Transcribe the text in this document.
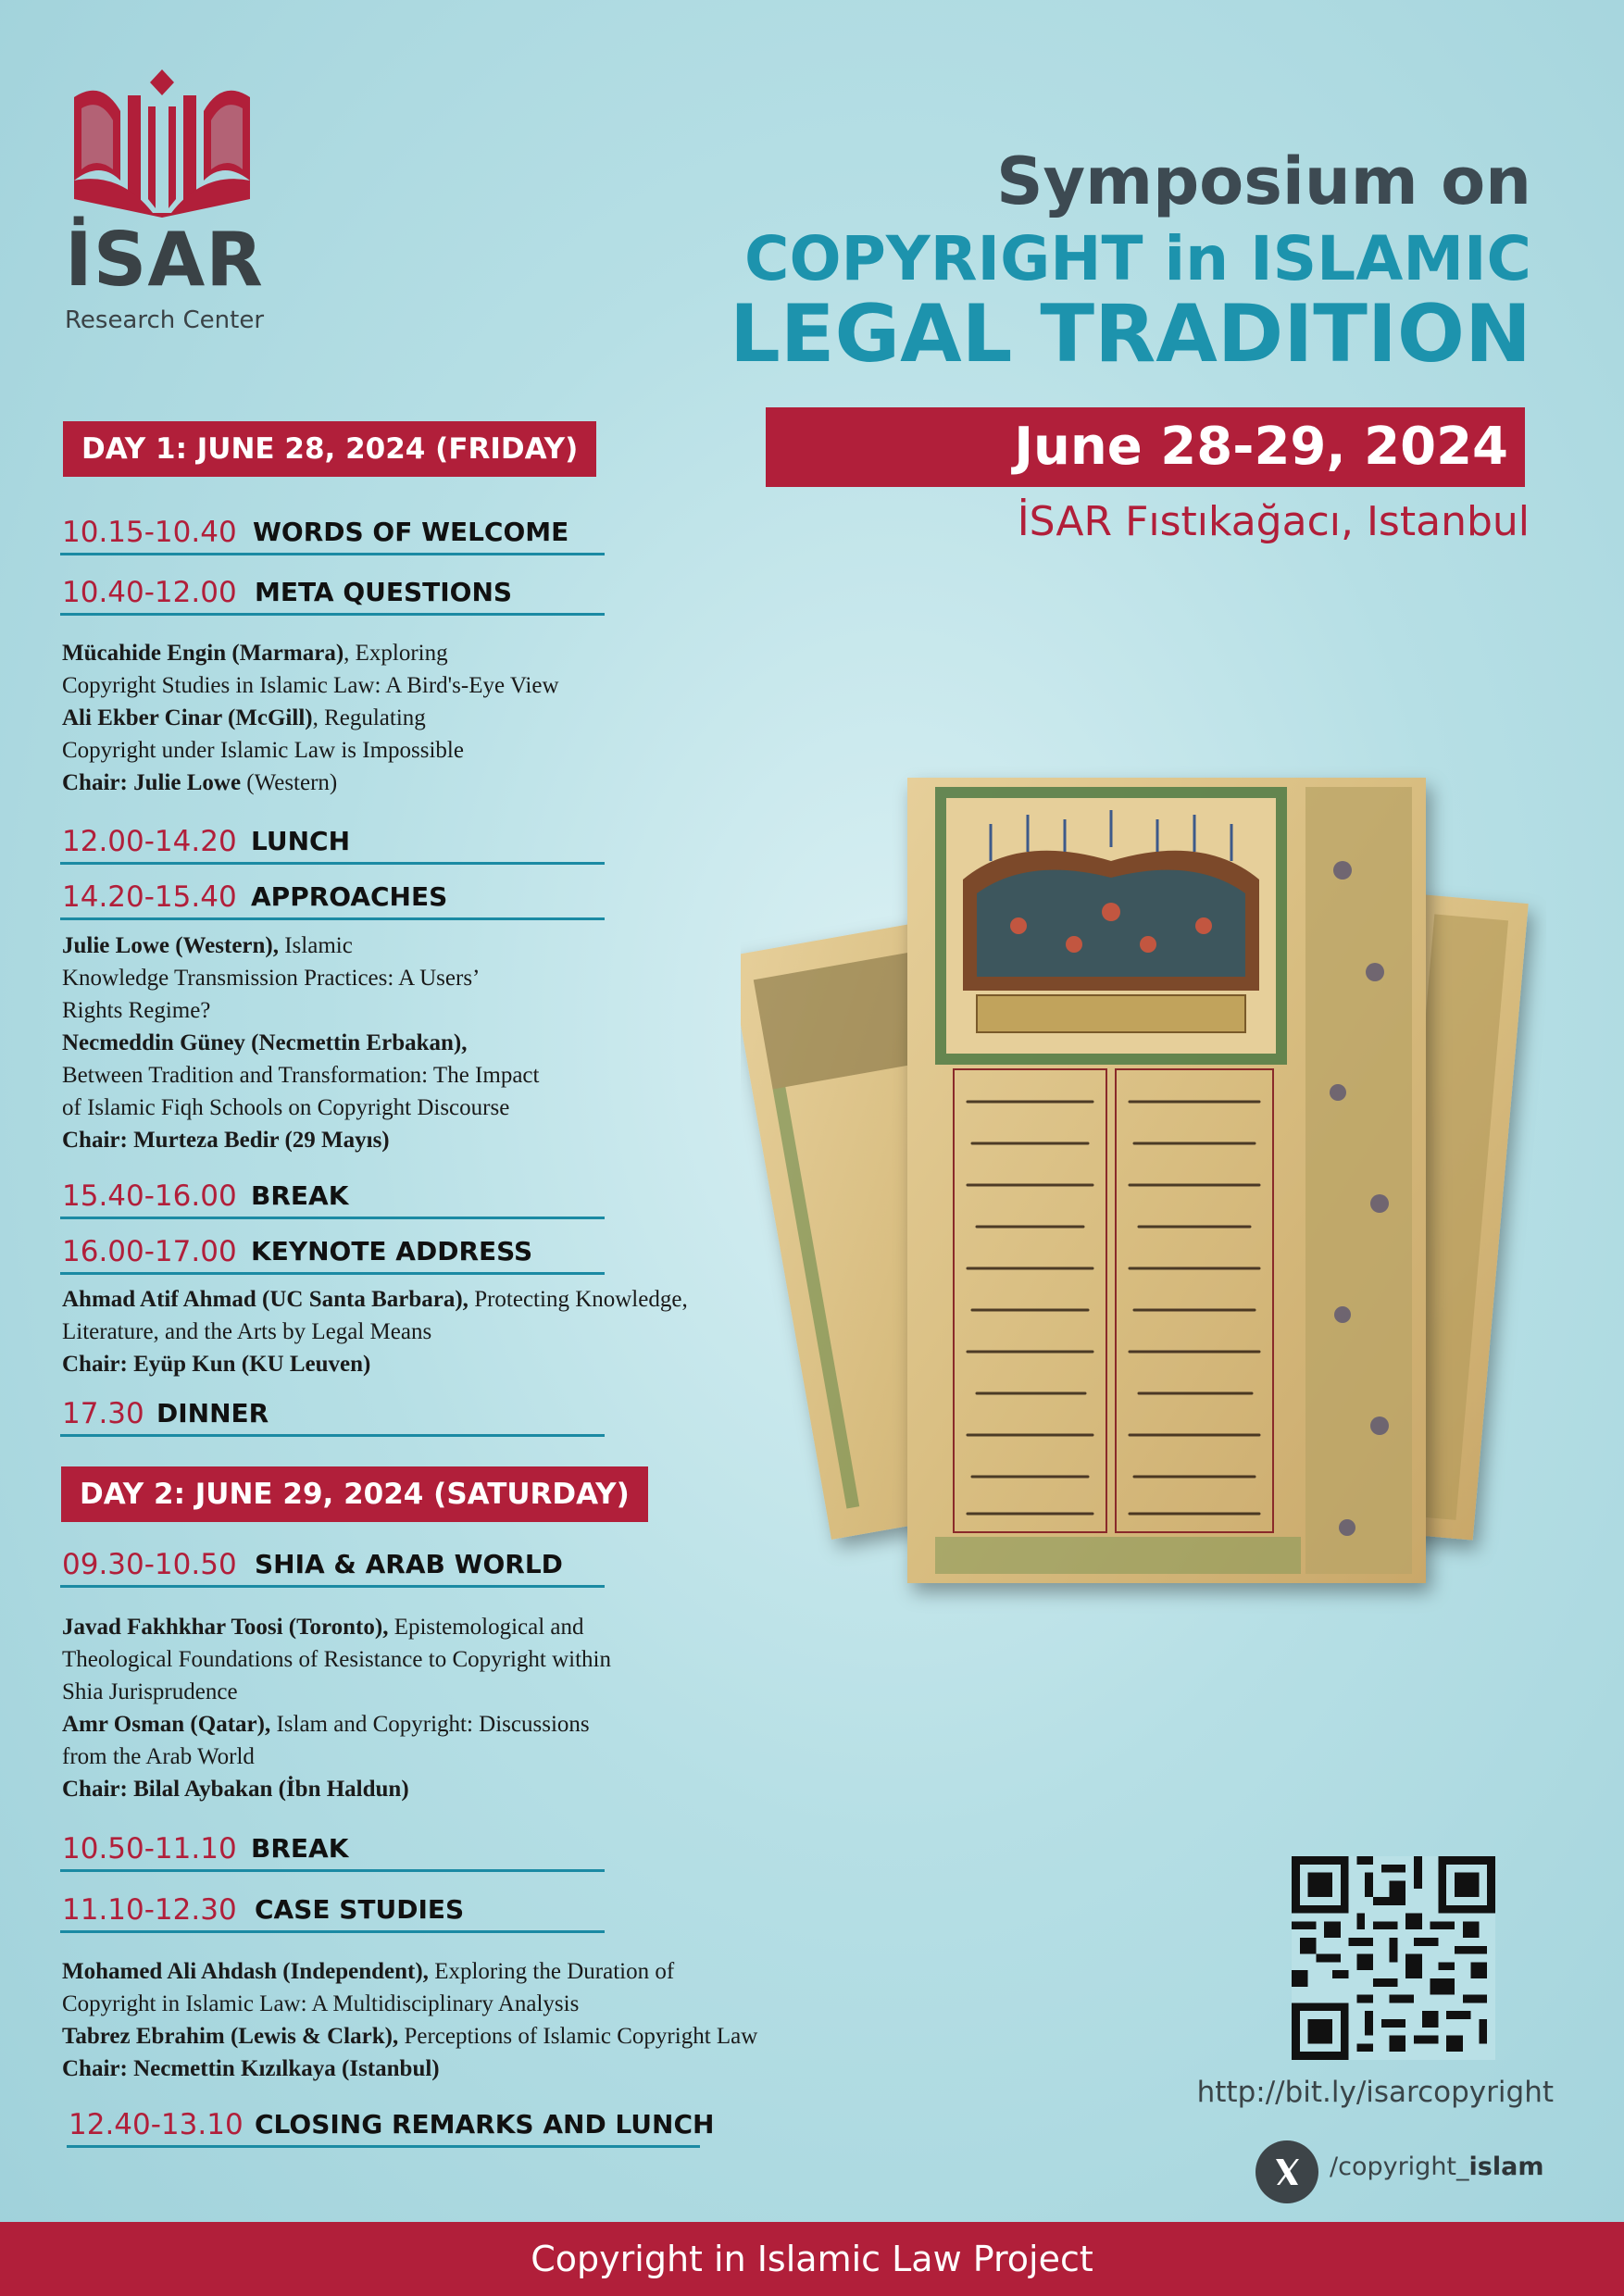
İSAR
Research Center
Symposium on
COPYRIGHT in ISLAMIC
LEGAL TRADITION
June 28-29, 2024
İSAR Fıstıkağacı, Istanbul
DAY 1: JUNE 28, 2024 (FRIDAY)
10.15-10.40 WORDS OF WELCOME
10.40-12.00 META QUESTIONS
Mücahide Engin (Marmara), Exploring
Copyright Studies in Islamic Law: A Bird's-Eye View
Ali Ekber Cinar (McGill), Regulating
Copyright under Islamic Law is Impossible
Chair: Julie Lowe (Western)
12.00-14.20 LUNCH
14.20-15.40 APPROACHES
Julie Lowe (Western), Islamic
Knowledge Transmission Practices: A Users’
Rights Regime?
Necmeddin Güney (Necmettin Erbakan),
Between Tradition and Transformation: The Impact
of Islamic Fiqh Schools on Copyright Discourse
Chair: Murteza Bedir (29 Mayıs)
15.40-16.00 BREAK
16.00-17.00 KEYNOTE ADDRESS
Ahmad Atif Ahmad (UC Santa Barbara), Protecting Knowledge,
Literature, and the Arts by Legal Means
Chair: Eyüp Kun (KU Leuven)
17.30 DINNER
DAY 2: JUNE 29, 2024 (SATURDAY)
09.30-10.50 SHIA & ARAB WORLD
Javad Fakhkhar Toosi (Toronto), Epistemological and
Theological Foundations of Resistance to Copyright within
Shia Jurisprudence
Amr Osman (Qatar), Islam and Copyright: Discussions
from the Arab World
Chair: Bilal Aybakan (İbn Haldun)
10.50-11.10 BREAK
11.10-12.30 CASE STUDIES
Mohamed Ali Ahdash (Independent), Exploring the Duration of
Copyright in Islamic Law: A Multidisciplinary Analysis
Tabrez Ebrahim (Lewis & Clark), Perceptions of Islamic Copyright Law
Chair: Necmettin Kızılkaya (Istanbul)
12.40-13.10 CLOSING REMARKS AND LUNCH
http://bit.ly/isarcopyright
/copyright_islam
Copyright in Islamic Law Project
